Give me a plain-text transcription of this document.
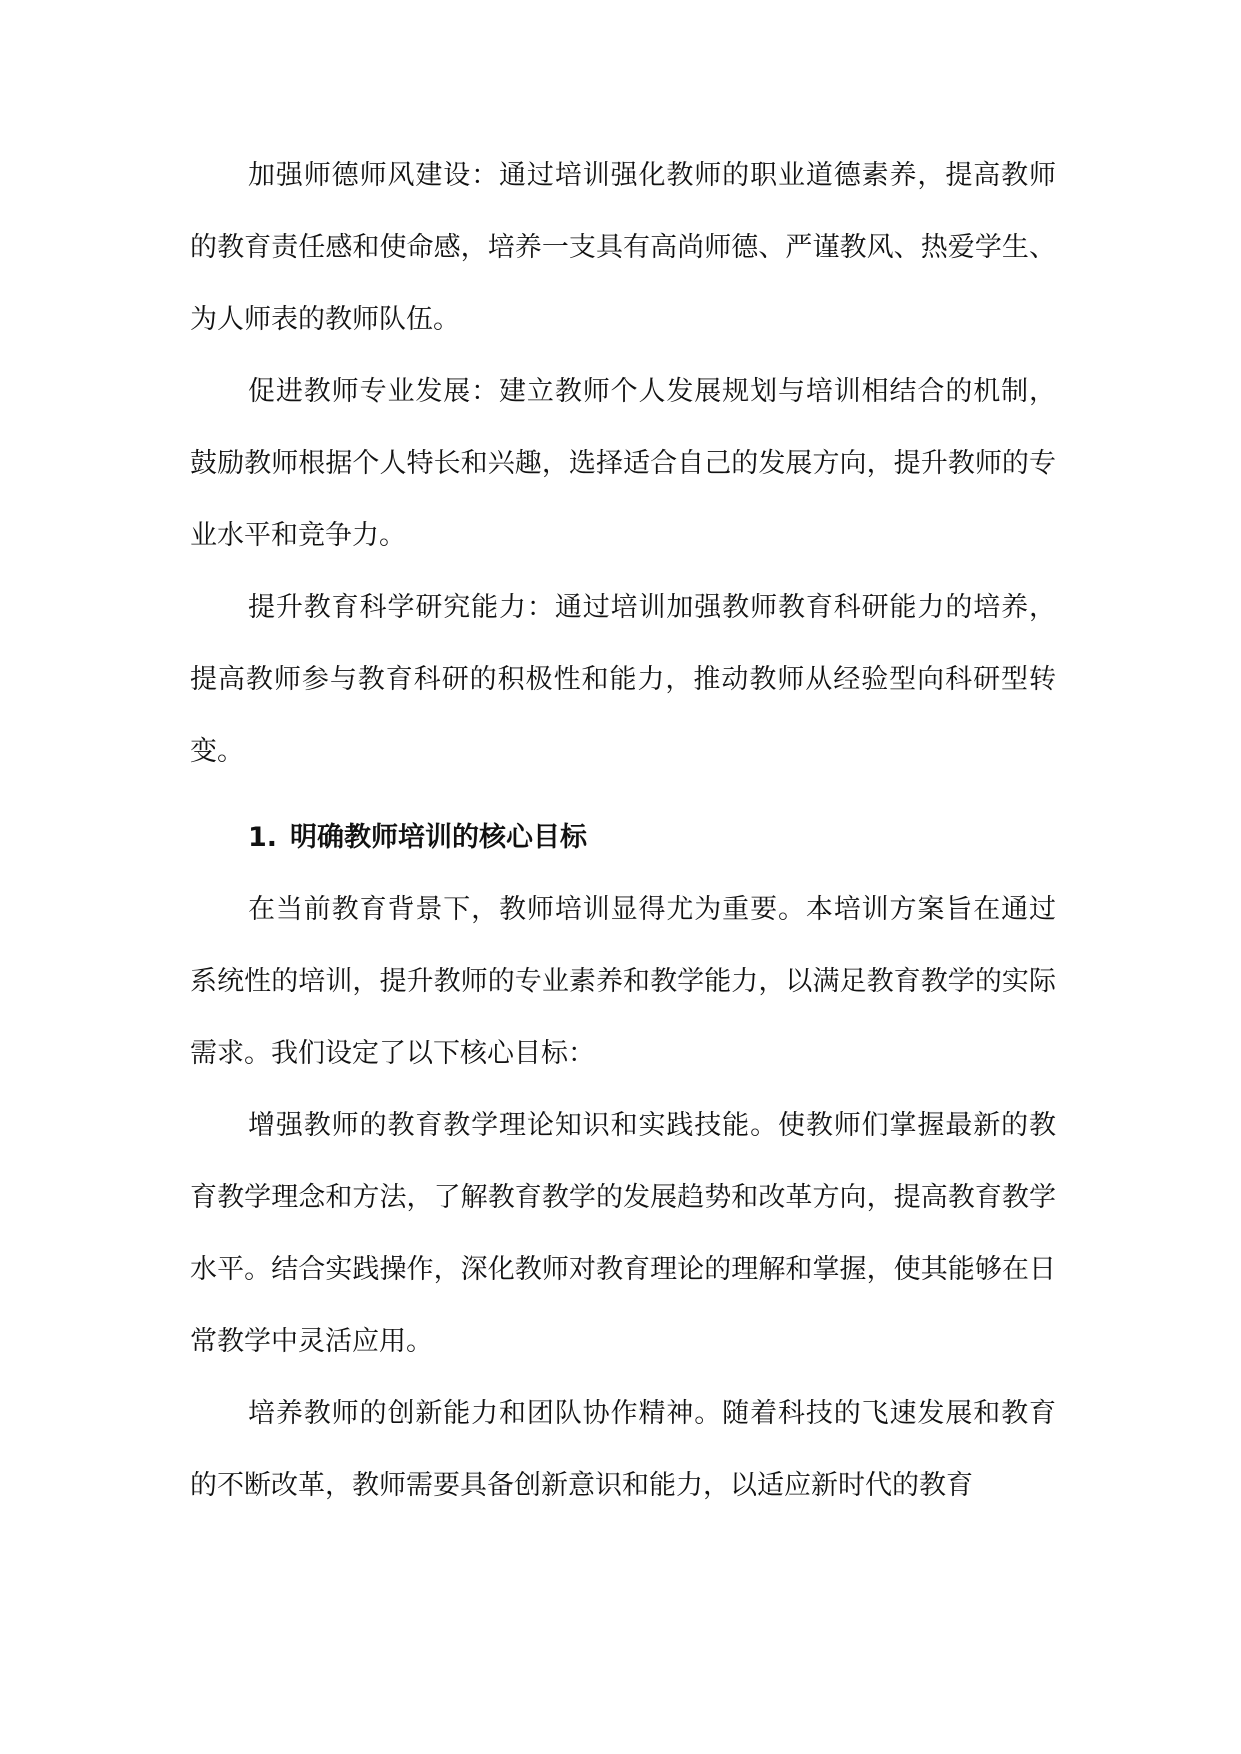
加强师德师风建设：通过培训强化教师的职业道德素养，提高教师的教育责任感和使命感，培养一支具有高尚师德、严谨教风、热爱学生、为人师表的教师队伍。

促进教师专业发展：建立教师个人发展规划与培训相结合的机制，鼓励教师根据个人特长和兴趣，选择适合自己的发展方向，提升教师的专业水平和竞争力。

提升教育科学研究能力：通过培训加强教师教育科研能力的培养，提高教师参与教育科研的积极性和能力，推动教师从经验型向科研型转变。

1. 明确教师培训的核心目标

在当前教育背景下，教师培训显得尤为重要。本培训方案旨在通过系统性的培训，提升教师的专业素养和教学能力，以满足教育教学的实际需求。我们设定了以下核心目标：

增强教师的教育教学理论知识和实践技能。使教师们掌握最新的教育教学理念和方法，了解教育教学的发展趋势和改革方向，提高教育教学水平。结合实践操作，深化教师对教育理论的理解和掌握，使其能够在日常教学中灵活应用。

培养教师的创新能力和团队协作精神。随着科技的飞速发展和教育的不断改革，教师需要具备创新意识和能力，以适应新时代的教育
